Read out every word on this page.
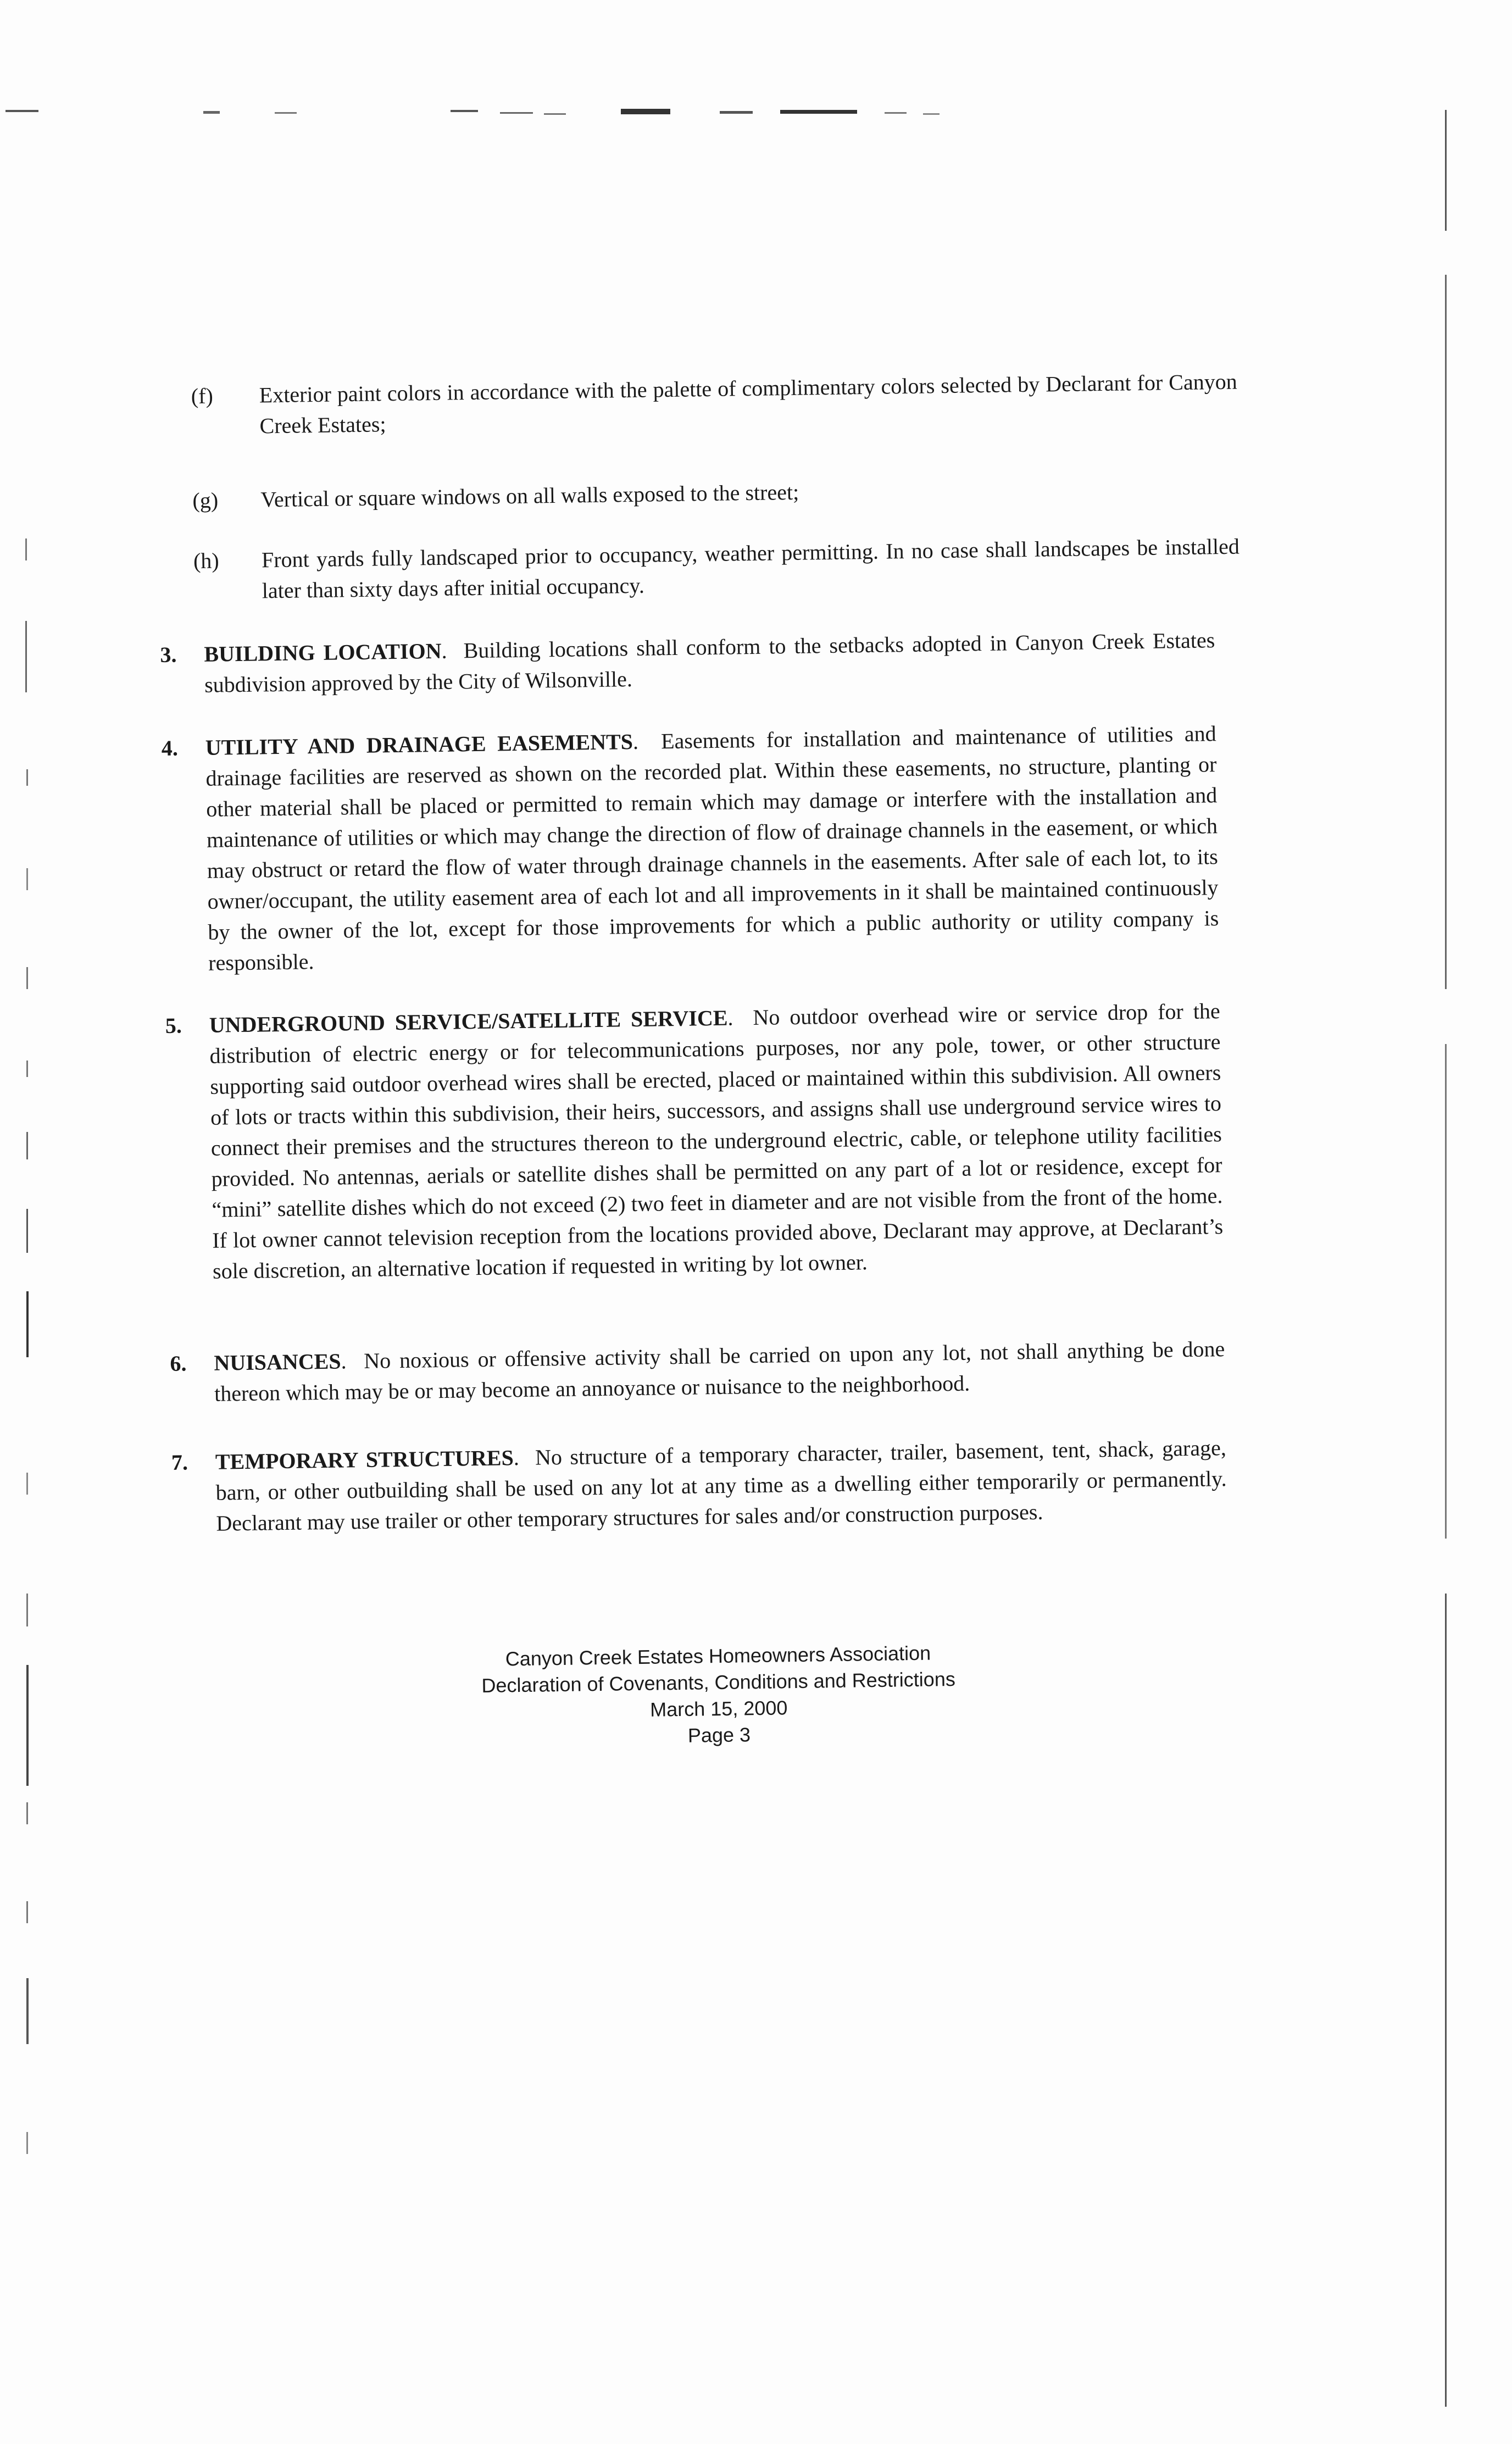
(f) Exterior paint colors in accordance with the palette of complimentary colors selected by Declarant for Canyon Creek Estates;
(g) Vertical or square windows on all walls exposed to the street;
(h) Front yards fully landscaped prior to occupancy, weather permitting. In no case shall landscapes be installed later than sixty days after initial occupancy.
3. BUILDING LOCATION.  Building locations shall conform to the setbacks adopted in Canyon Creek Estates subdivision approved by the City of Wilsonville.
4. UTILITY AND DRAINAGE EASEMENTS.  Easements for installation and maintenance of utilities and drainage facilities are reserved as shown on the recorded plat. Within these easements, no structure, planting or other material shall be placed or permitted to remain which may damage or interfere with the installation and maintenance of utilities or which may change the direction of flow of drainage channels in the easement, or which may obstruct or retard the flow of water through drainage channels in the easements. After sale of each lot, to its owner/occupant, the utility easement area of each lot and all improvements in it shall be maintained continuously by the owner of the lot, except for those improvements for which a public authority or utility company is responsible.
5. UNDERGROUND SERVICE/SATELLITE SERVICE.  No outdoor overhead wire or service drop for the distribution of electric energy or for telecommunications purposes, nor any pole, tower, or other structure supporting said outdoor overhead wires shall be erected, placed or maintained within this subdivision. All owners of lots or tracts within this subdivision, their heirs, successors, and assigns shall use underground service wires to connect their premises and the structures thereon to the underground electric, cable, or telephone utility facilities provided. No antennas, aerials or satellite dishes shall be permitted on any part of a lot or residence, except for “mini” satellite dishes which do not exceed (2) two feet in diameter and are not visible from the front of the home. If lot owner cannot television reception from the locations provided above, Declarant may approve, at Declarant’s sole discretion, an alternative location if requested in writing by lot owner.
6. NUISANCES.  No noxious or offensive activity shall be carried on upon any lot, not shall anything be done thereon which may be or may become an annoyance or nuisance to the neighborhood.
7. TEMPORARY STRUCTURES.  No structure of a temporary character, trailer, basement, tent, shack, garage, barn, or other outbuilding shall be used on any lot at any time as a dwelling either temporarily or permanently. Declarant may use trailer or other temporary structures for sales and/or construction purposes.
Canyon Creek Estates Homeowners Association
Declaration of Covenants, Conditions and Restrictions
March 15, 2000
Page 3
